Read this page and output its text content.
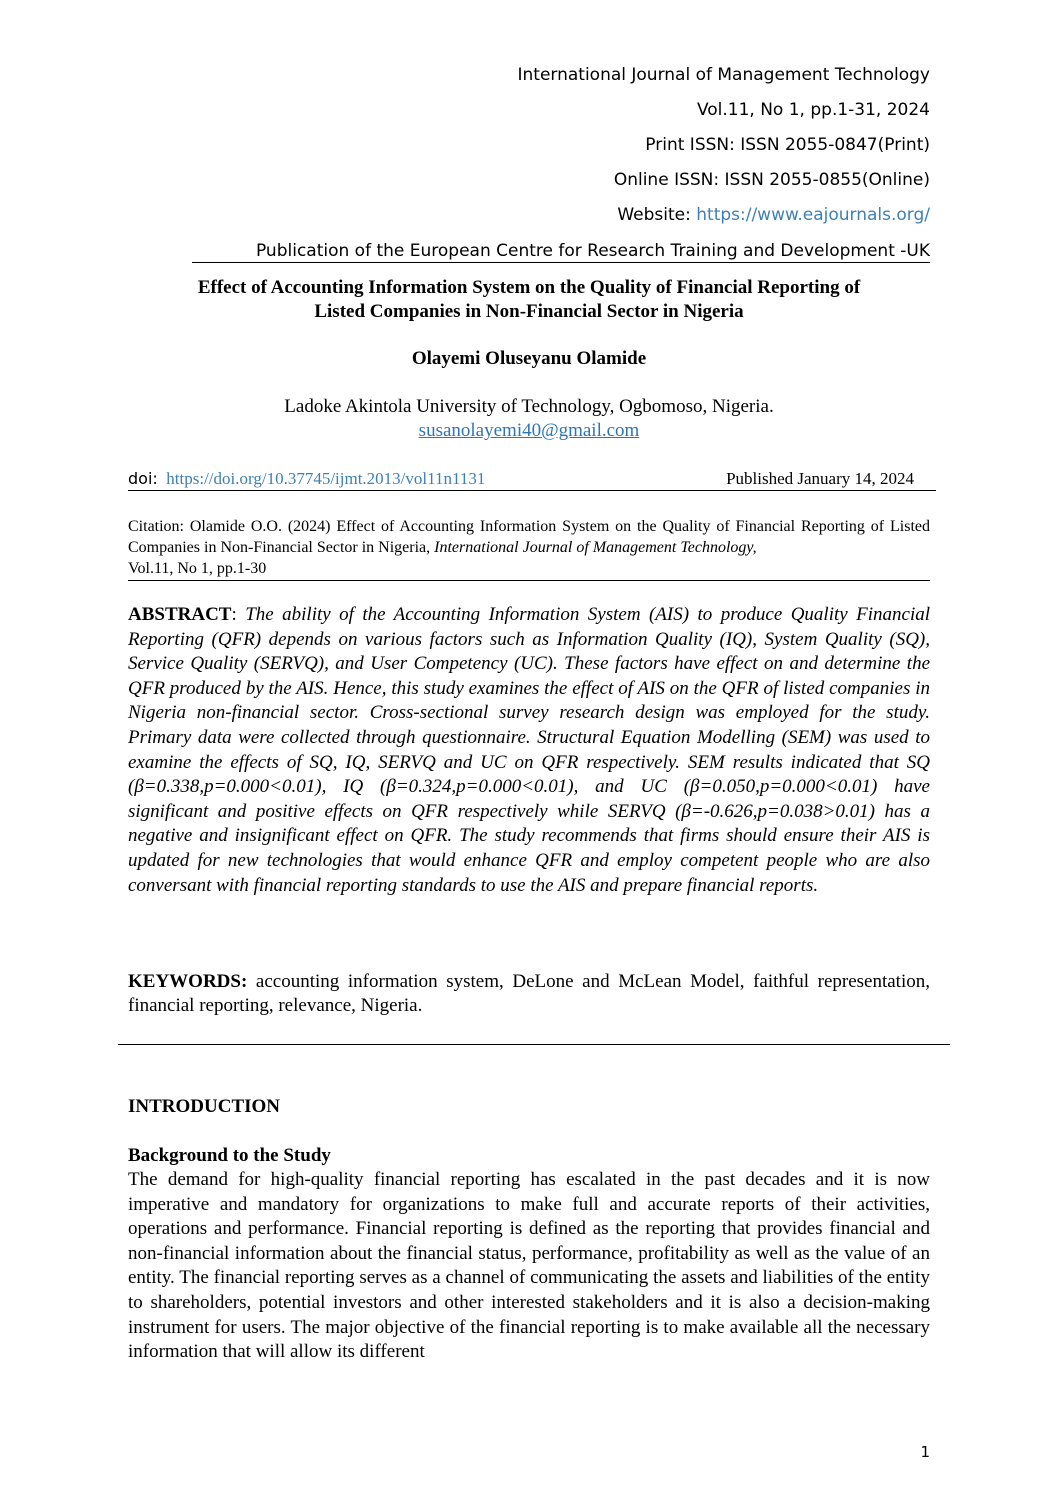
International Journal of Management Technology
Vol.11, No 1, pp.1-31, 2024
Print ISSN: ISSN 2055-0847(Print)
Online ISSN: ISSN 2055-0855(Online)
Website: https://www.eajournals.org/
Publication of the European Centre for Research Training and Development -UK
Effect of Accounting Information System on the Quality of Financial Reporting of
Listed Companies in Non-Financial Sector in Nigeria
Olayemi Oluseyanu Olamide
Ladoke Akintola University of Technology, Ogbomoso, Nigeria.
susanolayemi40@gmail.com
doi: https://doi.org/10.37745/ijmt.2013/vol11n1131	Published January 14, 2024
Citation: Olamide O.O. (2024) Effect of Accounting Information System on the Quality of Financial Reporting of Listed Companies in Non-Financial Sector in Nigeria, International Journal of Management Technology,
Vol.11, No 1, pp.1-30
ABSTRACT: The ability of the Accounting Information System (AIS) to produce Quality Financial Reporting (QFR) depends on various factors such as Information Quality (IQ), System Quality (SQ), Service Quality (SERVQ), and User Competency (UC). These factors have effect on and determine the QFR produced by the AIS. Hence, this study examines the effect of AIS on the QFR of listed companies in Nigeria non-financial sector. Cross-sectional survey research design was employed for the study. Primary data were collected through questionnaire. Structural Equation Modelling (SEM) was used to examine the effects of SQ, IQ, SERVQ and UC on QFR respectively. SEM results indicated that SQ (β=0.338,p=0.000<0.01), IQ (β=0.324,p=0.000<0.01), and UC (β=0.050,p=0.000<0.01) have significant and positive effects on QFR respectively while SERVQ (β=-0.626,p=0.038>0.01) has a negative and insignificant effect on QFR. The study recommends that firms should ensure their AIS is updated for new technologies that would enhance QFR and employ competent people who are also conversant with financial reporting standards to use the AIS and prepare financial reports.
KEYWORDS: accounting information system, DeLone and McLean Model, faithful representation, financial reporting, relevance, Nigeria.
INTRODUCTION
Background to the Study
The demand for high-quality financial reporting has escalated in the past decades and it is now imperative and mandatory for organizations to make full and accurate reports of their activities, operations and performance. Financial reporting is defined as the reporting that provides financial and non-financial information about the financial status, performance, profitability as well as the value of an entity. The financial reporting serves as a channel of communicating the assets and liabilities of the entity to shareholders, potential investors and other interested stakeholders and it is also a decision-making instrument for users. The major objective of the financial reporting is to make available all the necessary information that will allow its different
1
